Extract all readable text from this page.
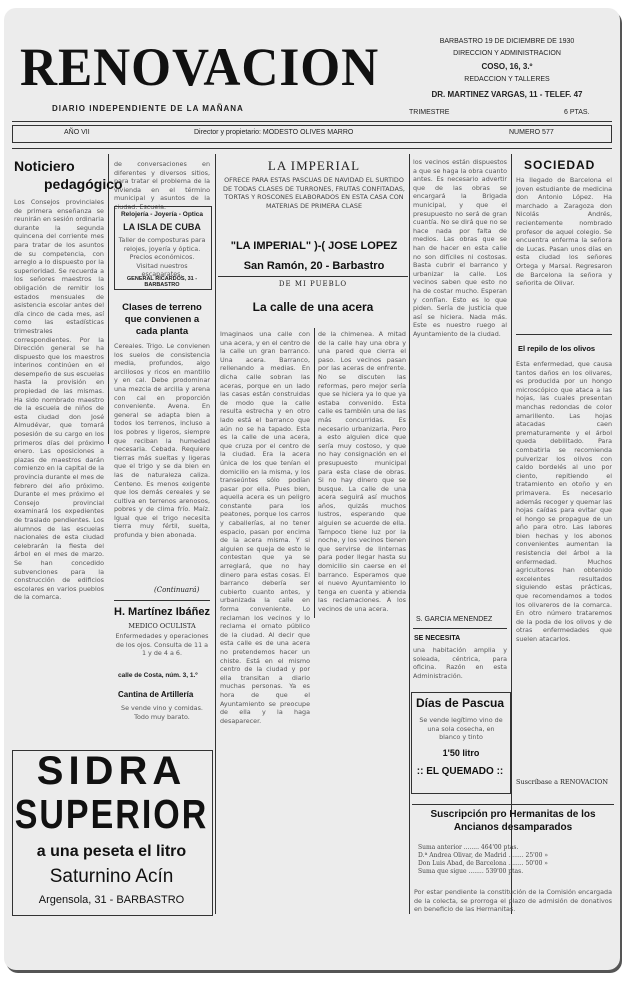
RENOVACION
DIARIO INDEPENDIENTE DE LA MAÑANA
BARBASTRO 19 DE DICIEMBRE DE 1930
DIRECCION Y ADMINISTRACION
COSO, 16, 3.º
REDACCION Y TALLERES
DR. MARTINEZ VARGAS, 11 - TELEF. 47
TRIMESTRE	6 PTAS.
AÑO VII	Director y propietario: MODESTO OLIVES MARRO	NUMERO 577
Noticiero
pedagógico
Los Consejos provinciales de primera enseñanza se reunirán en sesión ordinaria durante la segunda quincena del corriente mes para tratar de los asuntos de su competencia, con arreglo a lo dispuesto por la superioridad. Se recuerda a los señores maestros la obligación de remitir los estados mensuales de asistencia escolar antes del día cinco de cada mes, así como las estadísticas trimestrales correspondientes. Por la Dirección general se ha dispuesto que los maestros interinos continúen en el desempeño de sus escuelas hasta la provisión en propiedad de las mismas. Ha sido nombrado maestro de la escuela de niños de esta ciudad don José Almudévar, que tomará posesión de su cargo en los primeros días del próximo enero. Las oposiciones a plazas de maestros darán comienzo en la capital de la provincia durante el mes de febrero del año próximo. Durante el mes próximo el Consejo provincial examinará los expedientes de traslado pendientes. Los alumnos de las escuelas nacionales de esta ciudad celebrarán la fiesta del árbol en el mes de marzo. Se han concedido subvenciones para la construcción de edificios escolares en varios pueblos de la comarca.
de conversaciones en diferentes y diversos sitios, para tratar el problema de la vivienda en el término municipal y asuntos de la ciudad. Escuela.
Relojería - Joyería - Optica
LA ISLA DE CUBA
Taller de composturas para relojes, joyería y óptica. Precios económicos. Visitad nuestros escaparates.
GENERAL RICARDOS, 31 - BARBASTRO
Clases de terreno que convienen a cada planta
Cereales. Trigo. Le convienen los suelos de consistencia media, profundos, algo arcillosos y ricos en mantillo y en cal. Debe prodominar una mezcla de arcilla y arena con cal en proporción conveniente. Avena. En general se adapta bien a todos los terrenos, incluso a los pobres y ligeros, siempre que reciban la humedad necesaria. Cebada. Requiere tierras más sueltas y ligeras que el trigo y se da bien en las de naturaleza caliza. Centeno. Es menos exigente que los demás cereales y se cultiva en terrenos arenosos, pobres y de clima frío. Maíz. Igual que el trigo necesita tierra muy fértil, suelta, profunda y bien abonada.
(Continuará)
H. Martínez Ibáñez
MEDICO OCULISTA
Enfermedades y operaciones de los ojos. Consulta de 11 a 1 y de 4 a 6.
calle de Costa, núm. 3, 1.º
Cantina de Artillería
Se vende vino y comidas. Todo muy barato.
LA IMPERIAL
OFRECE PARA ESTAS PASCUAS DE NAVIDAD EL SURTIDO DE TODAS CLASES DE TURRONES, FRUTAS CONFITADAS, TORTAS Y ROSCONES ELABORADOS EN ESTA CASA CON MATERIAS DE PRIMERA CLASE
"LA IMPERIAL" )-( JOSE LOPEZ
San Ramón, 20 - Barbastro
DE MI PUEBLO
La calle de una acera
Imaginaos una calle con una acera, y en el centro de la calle un gran barranco. Una acera. Barranco, rellenando a medias. En dicha calle sobran las aceras, porque en un lado las casas están construidas de modo que la calle resulta estrecha y en otro lado está el barranco que aún no se ha tapado. Esta es la calle de una acera, que cruza por el centro de la ciudad. Era la acera única de los que tenían el domicilio en la misma, y los transeúntes sólo podían pasar por ella. Pues bien, aquella acera es un peligro constante para los peatones, porque los carros y caballerías, al no tener espacio, pasan por encima de la acera misma. Y si alguien se queja de esto le contestan que ya se arreglará, que no hay dinero para estas cosas. El barranco debería ser cubierto cuanto antes, y urbanizada la calle en forma conveniente. Lo reclaman los vecinos y lo reclama el ornato público de la ciudad. Al decir que esta calle es de una acera no pretendemos hacer un chiste. Está en el mismo centro de la ciudad y por ella transitan a diario muchas personas. Ya es hora de que el Ayuntamiento se preocupe de ella y la haga desaparecer.
de la chimenea. A mitad de la calle hay una obra y una pared que cierra el paso. Los vecinos pasan por las aceras de enfrente. No se discuten las reformas, pero mejor sería que se hiciera ya lo que ya estaba convenido. Esta calle es también una de las más concurridas. Es necesario urbanizarla. Pero a esto alguien dice que sería muy costoso, y que no hay consignación en el presupuesto municipal para esta clase de obras. Si no hay dinero que se busque. La calle de una acera seguirá así muchos años, quizás muchos lustros, esperando que alguien se acuerde de ella. Tampoco tiene luz por la noche, y los vecinos tienen que servirse de linternas para poder llegar hasta su domicilio sin caerse en el barranco. Esperamos que el nuevo Ayuntamiento lo tenga en cuenta y atienda las reclamaciones. A los vecinos de una acera.
los vecinos están dispuestos a que se haga la obra cuanto antes. Es necesario advertir que de las obras se encargará la Brigada municipal, y que el presupuesto no será de gran cuantía. No se dirá que no se hace nada por falta de medios. Las obras que se han de hacer en esta calle no son difíciles ni costosas. Basta cubrir el barranco y urbanizar la calle. Los vecinos saben que esto no ha de costar mucho. Esperan y confían. Esto es lo que piden. Sería de justicia que así se hiciera. Nada más. Este es nuestro ruego al Ayuntamiento de la ciudad.
S. GARCIA MENENDEZ
SE NECESITA
una habitación amplia y soleada, céntrica, para oficina. Razón en esta Administración.
Días de Pascua
Se vende legítimo vino de una sola cosecha, en blanco y tinto
1'50 litro
:: EL QUEMADO ::
Suscripción pro Hermanitas de los Ancianos desamparados
Suma anterior ........ 464'00 ptas.
D.ª Andrea Olivar, de Madrid ........ 25'00 »
Don Luis Abad, de Barcelona ........ 50'00 »
Suma que sigue ........ 539'00 ptas.
Por estar pendiente la constitución de la Comisión encargada de la colecta, se prorroga el plazo de admisión de donativos en beneficio de las Hermanitas.
SOCIEDAD
Ha llegado de Barcelona el joven estudiante de medicina don Antonio López. Ha marchado a Zaragoza don Nicolás Andrés, recientemente nombrado profesor de aquel colegio. Se encuentra enferma la señora de Lucas. Pasan unos días en esta ciudad los señores Ortega y Marsal. Regresaron de Barcelona la señora y señorita de Olivar.
El repilo de los olivos
Esta enfermedad, que causa tantos daños en los olivares, es producida por un hongo microscópico que ataca a las hojas, las cuales presentan manchas redondas de color amarillento. Las hojas atacadas caen prematuramente y el árbol queda debilitado. Para combatirla se recomienda pulverizar los olivos con caldo bordelés al uno por ciento, repitiendo el tratamiento en otoño y en primavera. Es necesario además recoger y quemar las hojas caídas para evitar que el hongo se propague de un año para otro. Las labores bien hechas y los abonos convenientes aumentan la resistencia del árbol a la enfermedad. Muchos agricultores han obtenido excelentes resultados siguiendo estas prácticas, que recomendamos a todos los olivareros de la comarca. En otro número trataremos de la poda de los olivos y de otras enfermedades que suelen atacarlos.
Suscríbase a RENOVACION
SIDRA
SUPERIOR
a una peseta el litro
Saturnino Acín
Argensola, 31 - BARBASTRO
